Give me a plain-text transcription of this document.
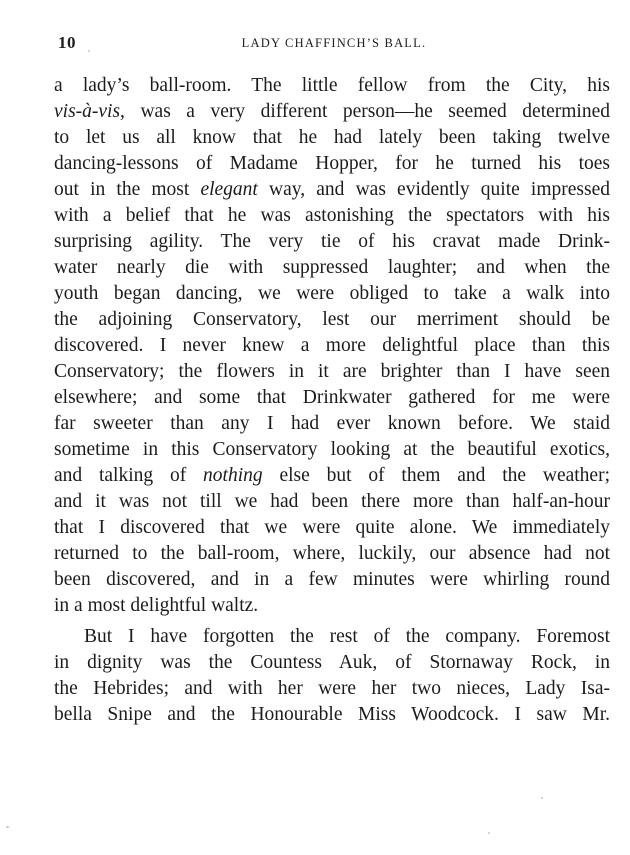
10	LADY CHAFFINCH’S BALL.
a lady’s ball-room. The little fellow from the City, his
vis-à-vis, was a very different person—he seemed determined
to let us all know that he had lately been taking twelve
dancing-lessons of Madame Hopper, for he turned his toes
out in the most elegant way, and was evidently quite impressed
with a belief that he was astonishing the spectators with his
surprising agility. The very tie of his cravat made Drink-
water nearly die with suppressed laughter; and when the
youth began dancing, we were obliged to take a walk into
the adjoining Conservatory, lest our merriment should be
discovered. I never knew a more delightful place than this
Conservatory; the flowers in it are brighter than I have seen
elsewhere; and some that Drinkwater gathered for me were
far sweeter than any I had ever known before. We staid
sometime in this Conservatory looking at the beautiful exotics,
and talking of nothing else but of them and the weather;
and it was not till we had been there more than half-an-hour
that I discovered that we were quite alone. We immediately
returned to the ball-room, where, luckily, our absence had not
been discovered, and in a few minutes were whirling round
in a most delightful waltz.
But I have forgotten the rest of the company. Foremost
in dignity was the Countess Auk, of Stornaway Rock, in
the Hebrides; and with her were her two nieces, Lady Isa-
bella Snipe and the Honourable Miss Woodcock. I saw Mr.
